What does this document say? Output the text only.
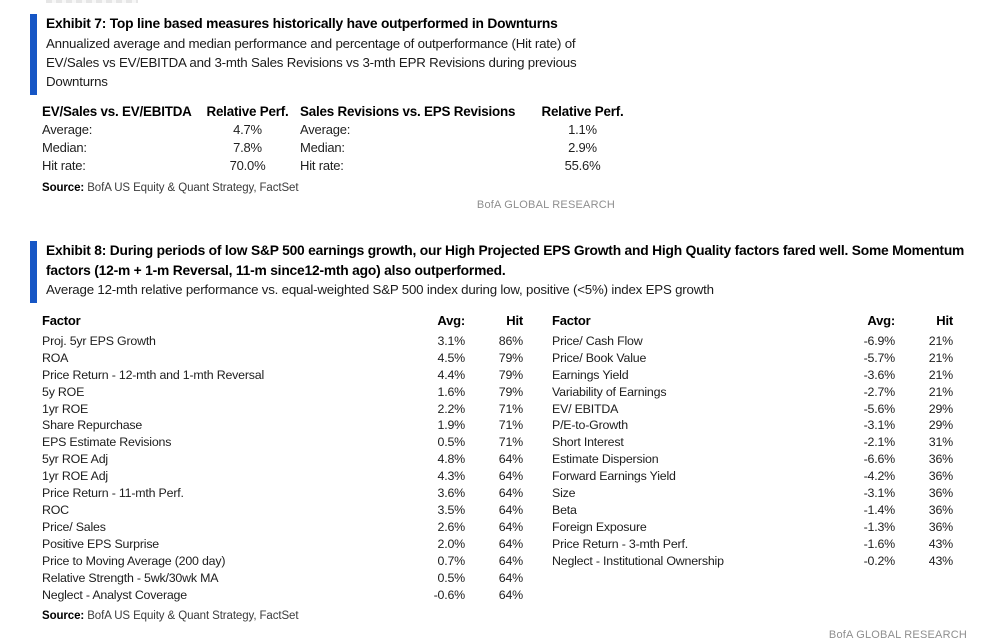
Exhibit 7: Top line based measures historically have outperformed in Downturns
Annualized average and median performance and percentage of outperformance (Hit rate) of EV/Sales vs EV/EBITDA and 3-mth Sales Revisions vs 3-mth EPR Revisions during previous Downturns
EV/Sales vs. EV/EBITDA	Relative Perf.
Average:	4.7%
Median:	7.8%
Hit rate:	70.0%
Sales Revisions vs. EPS Revisions	Relative Perf.
Average:	1.1%
Median:	2.9%
Hit rate:	55.6%
Source: BofA US Equity & Quant Strategy, FactSet
BofA GLOBAL RESEARCH
Exhibit 8: During periods of low S&P 500 earnings growth, our High Projected EPS Growth and High Quality factors fared well. Some Momentum factors (12-m + 1-m Reversal, 11-m since12-mth ago) also outperformed.
Average 12-mth relative performance vs. equal-weighted S&P 500 index during low, positive (<5%) index EPS growth
Factor	Avg:	Hit
Proj. 5yr EPS Growth	3.1%	86%
ROA	4.5%	79%
Price Return - 12-mth and 1-mth Reversal	4.4%	79%
5y ROE	1.6%	79%
1yr ROE	2.2%	71%
Share Repurchase	1.9%	71%
EPS Estimate Revisions	0.5%	71%
5yr ROE Adj	4.8%	64%
1yr ROE Adj	4.3%	64%
Price Return - 11-mth Perf.	3.6%	64%
ROC	3.5%	64%
Price/ Sales	2.6%	64%
Positive EPS Surprise	2.0%	64%
Price to Moving Average (200 day)	0.7%	64%
Relative Strength - 5wk/30wk MA	0.5%	64%
Neglect - Analyst Coverage	-0.6%	64%
Factor	Avg:	Hit
Price/ Cash Flow	-6.9%	21%
Price/ Book Value	-5.7%	21%
Earnings Yield	-3.6%	21%
Variability of Earnings	-2.7%	21%
EV/ EBITDA	-5.6%	29%
P/E-to-Growth	-3.1%	29%
Short Interest	-2.1%	31%
Estimate Dispersion	-6.6%	36%
Forward Earnings Yield	-4.2%	36%
Size	-3.1%	36%
Beta	-1.4%	36%
Foreign Exposure	-1.3%	36%
Price Return - 3-mth Perf.	-1.6%	43%
Neglect - Institutional Ownership	-0.2%	43%
Source: BofA US Equity & Quant Strategy, FactSet
BofA GLOBAL RESEARCH
